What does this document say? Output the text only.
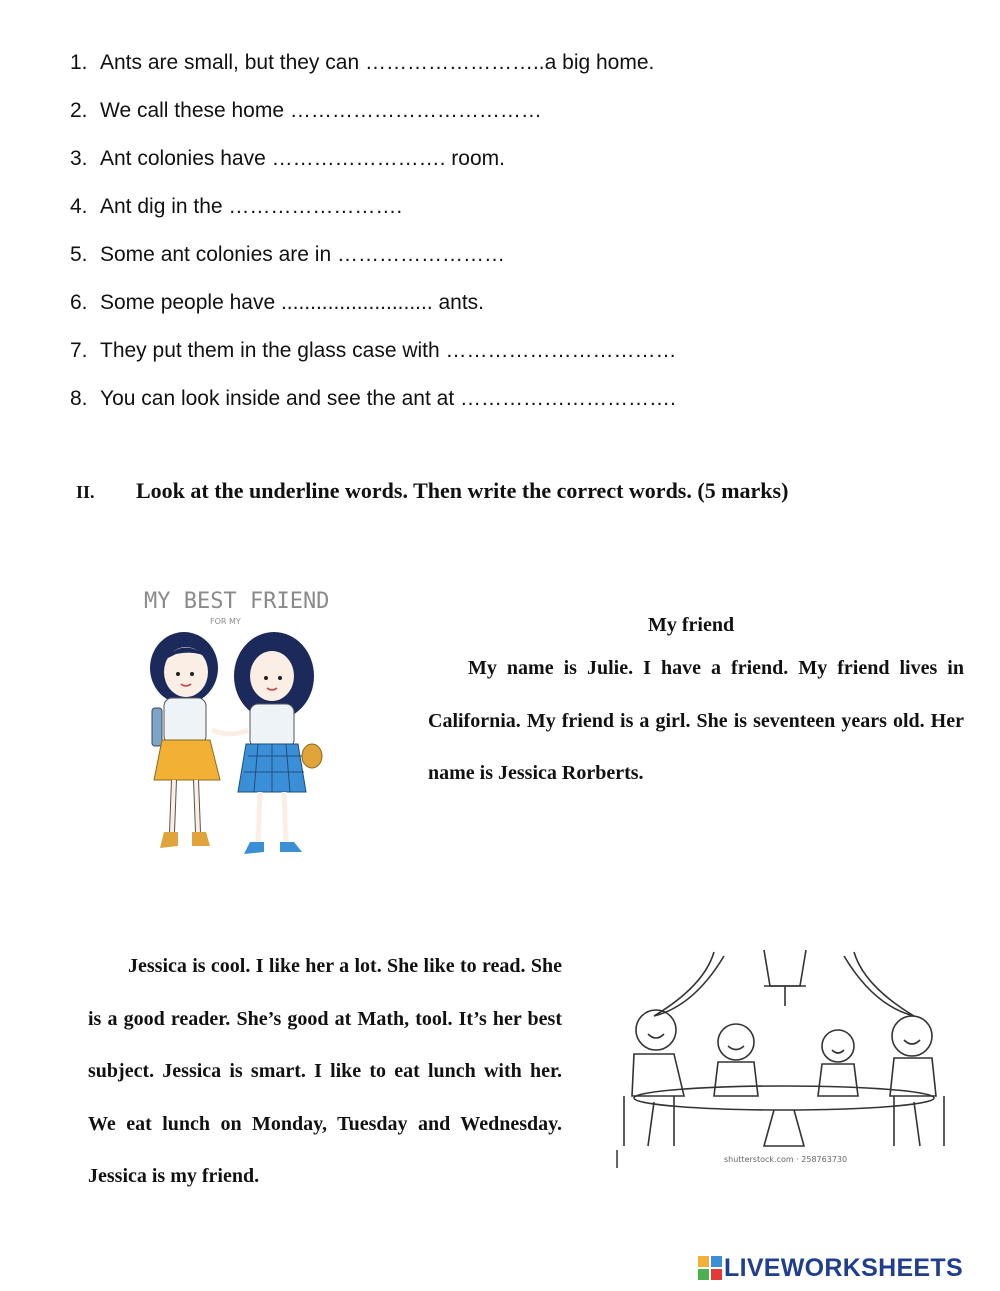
1. Ants are small, but they can ……………………..a big home.
2. We call these home ………………………………
3. Ant colonies have ……………………. room.
4. Ant dig in the …………………….
5. Some ant colonies are in ……………………
6. Some people have .......................... ants.
7. They put them in the glass case with ……………………………
8. You can look inside and see the ant at ………………………….
II. Look at the underline words. Then write the correct words. (5 marks)
MY BEST FRIEND
FOR MY	My friend

My name is Julie. I have a friend. My friend lives in California. My friend is a girl. She is seventeen years old. Her name is Jessica Rorberts.

Jessica is cool. I like her a lot. She like to read. She is a good reader. She’s good at Math, tool. It’s her best subject. Jessica is smart. I like to eat lunch with her. We eat lunch on Monday, Tuesday and Wednesday. Jessica is my friend.

shutterstock.com · 258763730
LIVEWORKSHEETS
